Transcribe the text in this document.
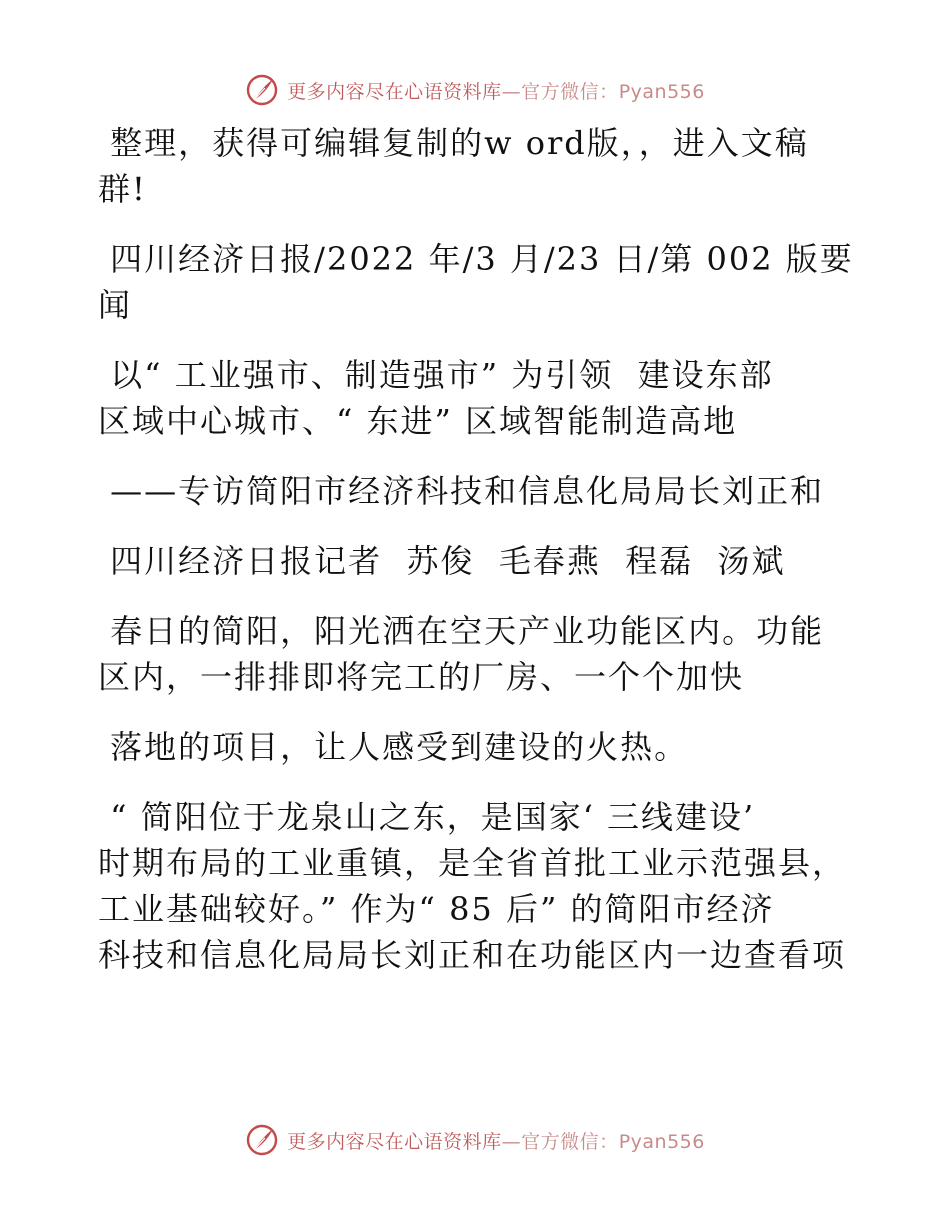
更多内容尽在心语资料库—官方微信：Pyan556
整理，获得可编辑复制的w ord版，，进入文稿
群!
四川经济日报/2022 年/3 月/23 日/第 002 版要
闻
以“ 工业强市、制造强市” 为引领  建设东部
区域中心城市、“ 东进” 区域智能制造高地
——专访简阳市经济科技和信息化局局长刘正和
四川经济日报记者  苏俊  毛春燕  程磊  汤斌
春日的简阳，阳光洒在空天产业功能区内。功能
区内，一排排即将完工的厂房、一个个加快
落地的项目，让人感受到建设的火热。
“ 简阳位于龙泉山之东，是国家‘ 三线建设’
时期布局的工业重镇，是全省首批工业示范强县，
工业基础较好。” 作为“ 85 后” 的简阳市经济
科技和信息化局局长刘正和在功能区内一边查看项
更多内容尽在心语资料库—官方微信：Pyan556
